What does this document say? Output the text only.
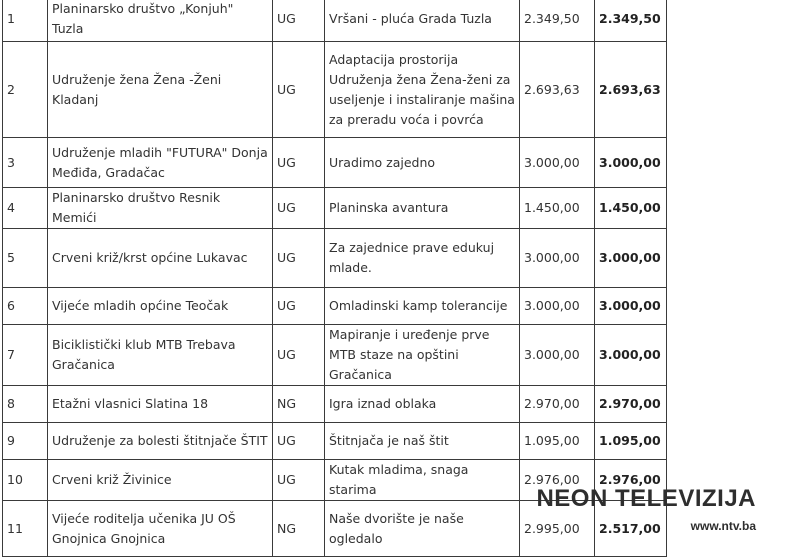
1	Planinarsko društvo „Konjuh" Tuzla	UG	Vršani - pluća Grada Tuzla	2.349,50	2.349,50
2	Udruženje žena Žena -Ženi Kladanj	UG	Adaptacija prostorija Udruženja žena Žena-ženi za useljenje i instaliranje mašina za preradu voća i povrća	2.693,63	2.693,63
3	Udruženje mladih "FUTURA" Donja Međiđa, Gradačac	UG	Uradimo zajedno	3.000,00	3.000,00
4	Planinarsko društvo Resnik Memići	UG	Planinska avantura	1.450,00	1.450,00
5	Crveni križ/krst općine Lukavac	UG	Za zajednice prave edukuj mlade.	3.000,00	3.000,00
6	Vijeće mladih općine Teočak	UG	Omladinski kamp tolerancije	3.000,00	3.000,00
7	Biciklistički klub MTB Trebava Gračanica	UG	Mapiranje i uređenje prve MTB staze na opštini Gračanica	3.000,00	3.000,00
8	Etažni vlasnici Slatina 18	NG	Igra iznad oblaka	2.970,00	2.970,00
9	Udruženje za bolesti štitnjače ŠTIT	UG	Štitnjača je naš štit	1.095,00	1.095,00
10	Crveni križ Živinice	UG	Kutak mladima, snaga starima	2.976,00	2.976,00
11	Vijeće roditelja učenika JU OŠ Gnojnica Gnojnica	NG	Naše dvorište je naše ogledalo	2.995,00	2.517,00
NEON TELEVIZIJA
www.ntv.ba
